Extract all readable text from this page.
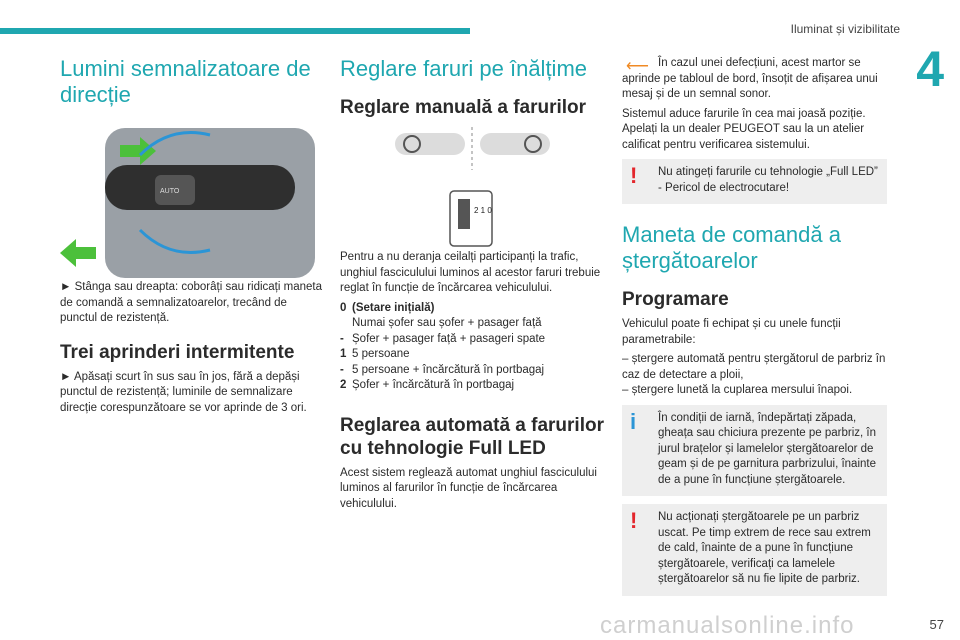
Iluminat și vizibilitate
4
Lumini semnalizatoare de direcție
AUTO

► Stânga sau dreapta: coborâți sau ridicați maneta de comandă a semnalizatoarelor, trecând de punctul de rezistență.

Trei aprinderi intermitente

► Apăsați scurt în sus sau în jos, fără a depăși punctul de rezistență; luminile de semnalizare direcție corespunzătoare se vor aprinde de 3 ori.

Reglare faruri pe înălțime
Reglare manuală a farurilor
2 1 0

Pentru a nu deranja ceilalți participanți la trafic, unghiul fasciculului luminos al acestor faruri trebuie reglat în funcție de încărcarea vehiculului.

0 (Setare inițială)
Numai șofer sau șofer + pasager față
- Șofer + pasager față + pasageri spate
1 5 persoane
- 5 persoane + încărcătură în portbagaj
2 Șofer + încărcătură în portbagaj
Reglarea automată a farurilor cu tehnologie Full LED

Acest sistem reglează automat unghiul fasciculului luminos al farurilor în funcție de încărcarea vehiculului.

⟵ În cazul unei defecțiuni, acest martor se aprinde pe tabloul de bord, însoțit de afișarea unui mesaj și de un semnal sonor.

Sistemul aduce farurile în cea mai joasă poziție. Apelați la un dealer PEUGEOT sau la un atelier calificat pentru verificarea sistemului.

!	Nu atingeți farurile cu tehnologie „Full LED” - Pericol de electrocutare!
Maneta de comandă a ștergătoarelor
Programare

Vehiculul poate fi echipat și cu unele funcții parametrabile:

– ștergere automată pentru ștergătorul de parbriz în caz de detectare a ploii,

– ștergere lunetă la cuplarea mersului înapoi.

i	În condiții de iarnă, îndepărtați zăpada, gheața sau chiciura prezente pe parbriz, în jurul brațelor și lamelelor ștergătoarelor de geam și de pe garnitura parbrizului, înainte de a pune în funcțiune ștergătoarele.
!	Nu acționați ștergătoarele pe un parbriz uscat. Pe timp extrem de rece sau extrem de cald, înainte de a pune în funcțiune ștergătoarele, verificați ca lamelele ștergătoarelor să nu fie lipite de parbriz.
57
carmanualsonline.info
